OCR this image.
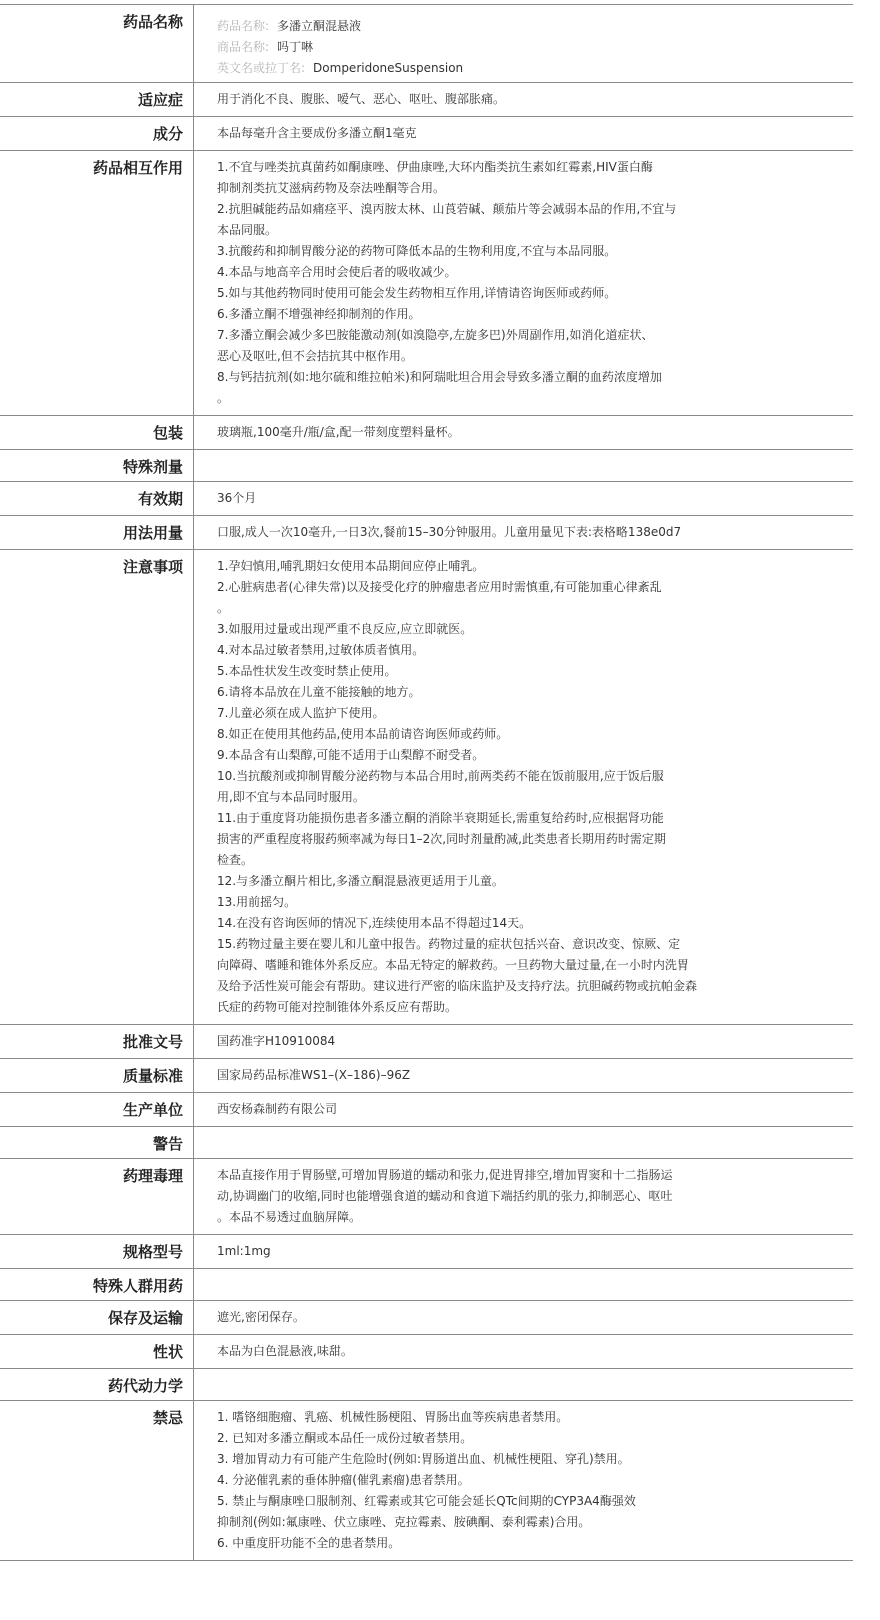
药品名称	药品名称: 多潘立酮混悬液
商品名称: 吗丁啉
英文名或拉丁名: DomperidoneSuspension
适应症	用于消化不良、腹胀、嗳气、恶心、呕吐、腹部胀痛。
成分	本品每毫升含主要成份多潘立酮1毫克
药品相互作用	1.不宜与唑类抗真菌药如酮康唑、伊曲康唑,大环内酯类抗生素如红霉素,HIV蛋白酶
抑制剂类抗艾滋病药物及奈法唑酮等合用。
2.抗胆碱能药品如痛痉平、溴丙胺太林、山莨菪碱、颠茄片等会减弱本品的作用,不宜与
本品同服。
3.抗酸药和抑制胃酸分泌的药物可降低本品的生物利用度,不宜与本品同服。
4.本品与地高辛合用时会使后者的吸收减少。
5.如与其他药物同时使用可能会发生药物相互作用,详情请咨询医师或药师。
6.多潘立酮不增强神经抑制剂的作用。
7.多潘立酮会减少多巴胺能激动剂(如溴隐亭,左旋多巴)外周副作用,如消化道症状、
恶心及呕吐,但不会拮抗其中枢作用。
8.与钙拮抗剂(如:地尔硫和维拉帕米)和阿瑞吡坦合用会导致多潘立酮的血药浓度增加
。
包装	玻璃瓶,100毫升/瓶/盒,配一带刻度塑料量杯。
特殊剂量
有效期	36个月
用法用量	口服,成人一次10毫升,一日3次,餐前15–30分钟服用。儿童用量见下表:表格略138e0d7
注意事项	1.孕妇慎用,哺乳期妇女使用本品期间应停止哺乳。
2.心脏病患者(心律失常)以及接受化疗的肿瘤患者应用时需慎重,有可能加重心律紊乱
。
3.如服用过量或出现严重不良反应,应立即就医。
4.对本品过敏者禁用,过敏体质者慎用。
5.本品性状发生改变时禁止使用。
6.请将本品放在儿童不能接触的地方。
7.儿童必须在成人监护下使用。
8.如正在使用其他药品,使用本品前请咨询医师或药师。
9.本品含有山梨醇,可能不适用于山梨醇不耐受者。
10.当抗酸剂或抑制胃酸分泌药物与本品合用时,前两类药不能在饭前服用,应于饭后服
用,即不宜与本品同时服用。
11.由于重度肾功能损伤患者多潘立酮的消除半衰期延长,需重复给药时,应根据肾功能
损害的严重程度将服药频率减为每日1–2次,同时剂量酌减,此类患者长期用药时需定期
检查。
12.与多潘立酮片相比,多潘立酮混悬液更适用于儿童。
13.用前摇匀。
14.在没有咨询医师的情况下,连续使用本品不得超过14天。
15.药物过量主要在婴儿和儿童中报告。药物过量的症状包括兴奋、意识改变、惊厥、定
向障碍、嗜睡和锥体外系反应。本品无特定的解救药。一旦药物大量过量,在一小时内洗胃
及给予活性炭可能会有帮助。建议进行严密的临床监护及支持疗法。抗胆碱药物或抗帕金森
氏症的药物可能对控制锥体外系反应有帮助。
批准文号	国药准字H10910084
质量标准	国家局药品标准WS1–(X–186)–96Z
生产单位	西安杨森制药有限公司
警告
药理毒理	本品直接作用于胃肠壁,可增加胃肠道的蠕动和张力,促进胃排空,增加胃窦和十二指肠运
动,协调幽门的收缩,同时也能增强食道的蠕动和食道下端括约肌的张力,抑制恶心、呕吐
。本品不易透过血脑屏障。
规格型号	1ml:1mg
特殊人群用药
保存及运输	遮光,密闭保存。
性状	本品为白色混悬液,味甜。
药代动力学
禁忌	1. 嗜铬细胞瘤、乳癌、机械性肠梗阻、胃肠出血等疾病患者禁用。
2. 已知对多潘立酮或本品任一成份过敏者禁用。
3. 增加胃动力有可能产生危险时(例如:胃肠道出血、机械性梗阻、穿孔)禁用。
4. 分泌催乳素的垂体肿瘤(催乳素瘤)患者禁用。
5. 禁止与酮康唑口服制剂、红霉素或其它可能会延长QTc间期的CYP3A4酶强效
抑制剂(例如:氟康唑、伏立康唑、克拉霉素、胺碘酮、泰利霉素)合用。
6. 中重度肝功能不全的患者禁用。
